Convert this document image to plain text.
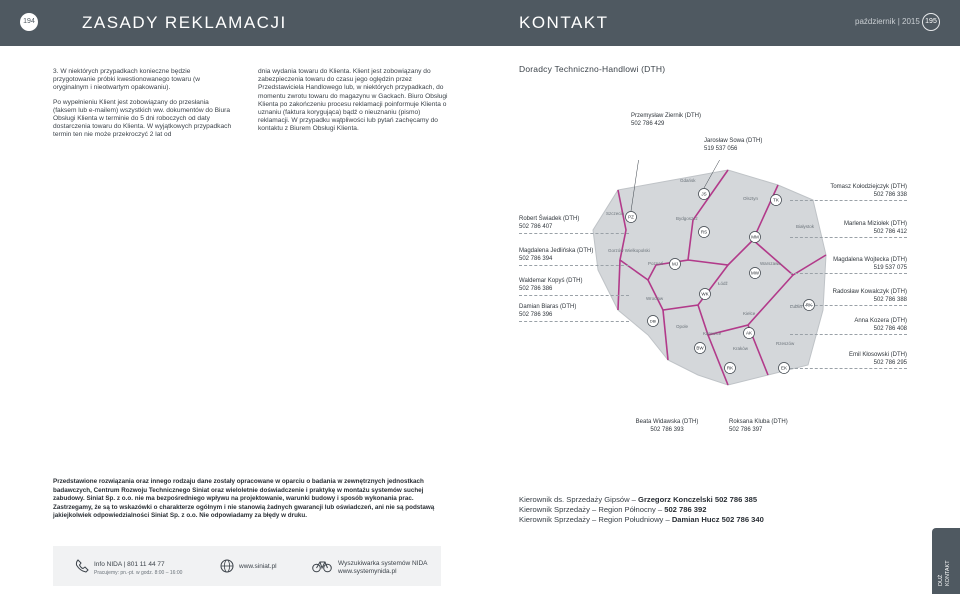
194	ZASADY REKLAMACJI	KONTAKT	październik | 2015 195

3. W niektórych przypadkach konieczne będzie przygotowanie próbki kwestionowanego towaru (w oryginalnym i nieotwartym opakowaniu).

Po wypełnieniu Klient jest zobowiązany do przesłania (faksem lub e-mailem) wszystkich ww. dokumentów do Biura Obsługi Klienta w terminie do 5 dni roboczych od daty dostarczenia towaru do Klienta. W wyjątkowych przypadkach termin ten nie może przekroczyć 2 lat od

dnia wydania towaru do Klienta. Klient jest zobowiązany do zabezpieczenia towaru do czasu jego oględzin przez Przedstawiciela Handlowego lub, w niektórych przypadkach, do momentu zwrotu towaru do magazynu w Gackach. Biuro Obsługi Klienta po zakończeniu procesu reklamacji poinformuje Klienta o uznaniu (faktura korygująca) bądź o nieuznaniu (pismo) reklamacji. W przypadku wątpliwości lub pytań zachęcamy do kontaktu z Biurem Obsługi Klienta.

Doradcy Techniczno-Handlowi (DTH)
Gdańsk
Olsztyn
Szczecin
Bydgoszcz
Białystok
Gorzów Wielkopolski
Poznań	Warszawa
Łódź
Wrocław
Lublin
Kielce
Opole
Katowice
Kraków
Rzeszów
JS
TK
PZ
RS
MM
MJ
MW
WK
RK
DBi
AK
BW
RK	EK
Przemysław Ziernik (DTH)
502 786 429
Jarosław Sowa (DTH)
519 537 056
Tomasz Kołodziejczyk (DTH)
502 786 338
Robert Świadek (DTH)
502 786 407	Marlena Miziołek (DTH)
502 786 412
Magdalena Jedlińska (DTH)
502 786 394	Magdalena Wojtecka (DTH)
519 537 075
Waldemar Kopyś (DTH)
502 786 386
Radosław Kowalczyk (DTH)
502 786 388
Damian Biaras (DTH)
502 786 396
Anna Kozera (DTH)
502 786 408
Emil Kłosowski (DTH)
502 786 295
Beata Widawska (DTH)
502 786 393
Roksana Kluba (DTH)
502 786 397
Przedstawione rozwiązania oraz innego rodzaju dane zostały opracowane w oparciu o badania w zewnętrznych jednostkach badawczych, Centrum Rozwoju Technicznego Siniat oraz wieloletnie doświadczenie i praktykę w montażu systemów suchej zabudowy. Siniat Sp. z o.o. nie ma bezpośredniego wpływu na projektowanie, warunki budowy i sposób wykonania prac. Zastrzegamy, że są to wskazówki o charakterze ogólnym i nie stanowią żadnych gwarancji lub oświadczeń, ani nie są podstawą jakiejkolwiek odpowiedzialności Siniat Sp. z o.o. Nie odpowiadamy za błędy w druku.
Info NIDA | 801 11 44 77
Pracujemy: pn.-pt. w godz. 8:00 – 16:00
www.siniat.pl	Wyszukiwarka systemów NIDA
www.systemynida.pl
Kierownik ds. Sprzedaży Gipsów – Grzegorz Konczelski 502 786 385
Kierownik Sprzedaży – Region Północny – 502 786 392
Kierownik Sprzedaży – Region Południowy – Damian Hucz 502 786 340
DUŻ
KONTAKT
